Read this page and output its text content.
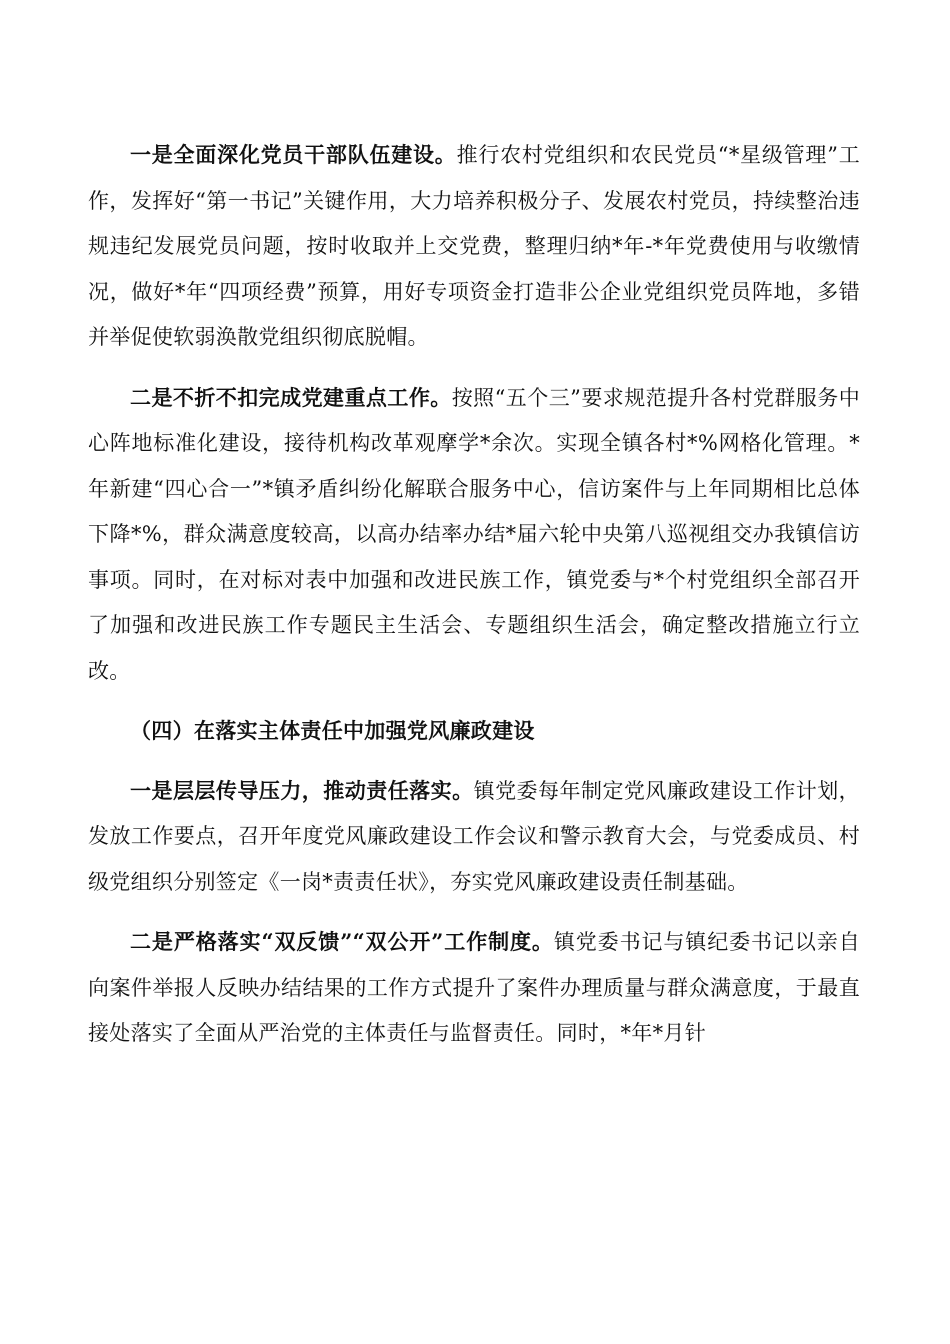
一是全面深化党员干部队伍建设。推行农村党组织和农民党员“*星级管理”工作，发挥好“第一书记”关键作用，大力培养积极分子、发展农村党员，持续整治违规违纪发展党员问题，按时收取并上交党费，整理归纳*年-*年党费使用与收缴情况，做好*年“四项经费”预算，用好专项资金打造非公企业党组织党员阵地，多错并举促使软弱涣散党组织彻底脱帽。

二是不折不扣完成党建重点工作。按照“五个三”要求规范提升各村党群服务中心阵地标准化建设，接待机构改革观摩学*余次。实现全镇各村*%网格化管理。*年新建“四心合一”*镇矛盾纠纷化解联合服务中心，信访案件与上年同期相比总体下降*%，群众满意度较高，以高办结率办结*届六轮中央第八巡视组交办我镇信访事项。同时，在对标对表中加强和改进民族工作，镇党委与*个村党组织全部召开了加强和改进民族工作专题民主生活会、专题组织生活会，确定整改措施立行立改。

（四）在落实主体责任中加强党风廉政建设

一是层层传导压力，推动责任落实。镇党委每年制定党风廉政建设工作计划，发放工作要点，召开年度党风廉政建设工作会议和警示教育大会，与党委成员、村级党组织分别签定《一岗*责责任状》，夯实党风廉政建设责任制基础。

二是严格落实“双反馈”“双公开”工作制度。镇党委书记与镇纪委书记以亲自向案件举报人反映办结结果的工作方式提升了案件办理质量与群众满意度，于最直接处落实了全面从严治党的主体责任与监督责任。同时，*年*月针
